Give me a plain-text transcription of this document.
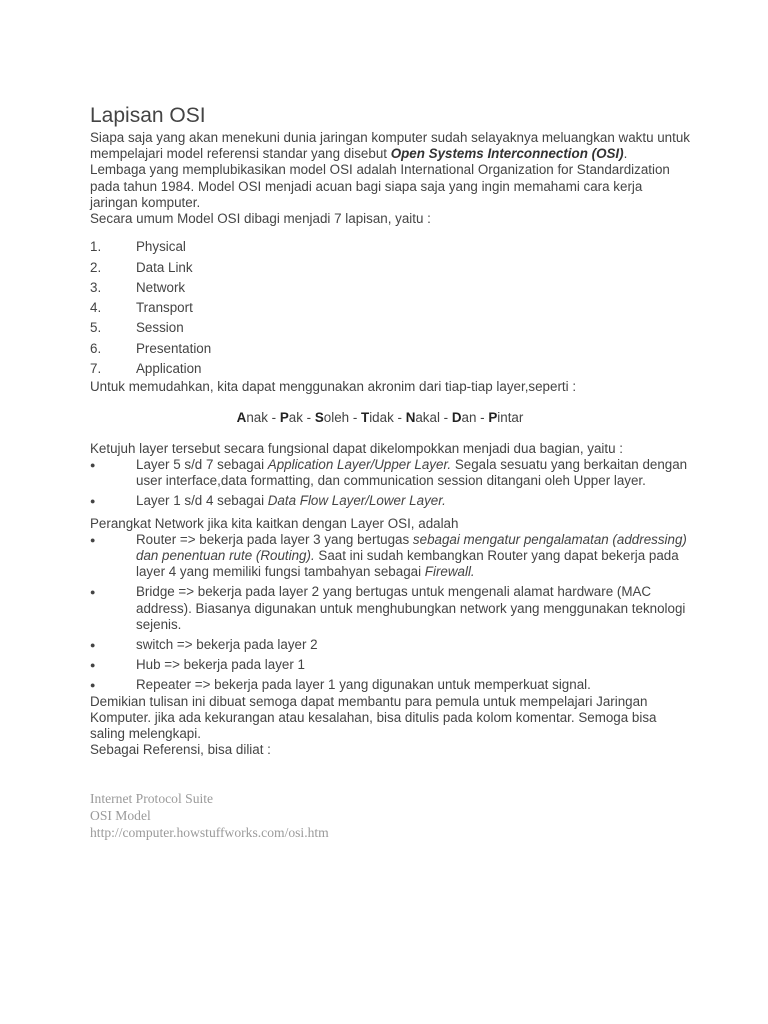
Lapisan OSI

Siapa saja yang akan menekuni dunia jaringan komputer sudah selayaknya meluangkan waktu untuk mempelajari model referensi standar yang disebut Open Systems Interconnection (OSI).

Lembaga yang memplubikasikan model OSI adalah International Organization for Standardization pada tahun 1984. Model OSI menjadi acuan bagi siapa saja yang ingin memahami cara kerja jaringan komputer.

Secara umum Model OSI dibagi menjadi 7 lapisan, yaitu :

1.	Physical
2.	Data Link
3.	Network
4.	Transport
5.	Session
6.	Presentation
7.	Application

Untuk memudahkan, kita dapat menggunakan akronim dari tiap-tiap layer,seperti :

Anak - Pak - Soleh - Tidak - Nakal - Dan - Pintar

Ketujuh layer tersebut secara fungsional dapat dikelompokkan menjadi dua bagian, yaitu :

●	Layer 5 s/d 7 sebagai Application Layer/Upper Layer. Segala sesuatu yang berkaitan dengan user interface,data formatting, dan communication session ditangani oleh Upper layer.
●	Layer 1 s/d 4 sebagai Data Flow Layer/Lower Layer.

Perangkat Network jika kita kaitkan dengan Layer OSI, adalah

●	Router => bekerja pada layer 3 yang bertugas sebagai mengatur pengalamatan (addressing) dan penentuan rute (Routing). Saat ini sudah kembangkan Router yang dapat bekerja pada layer 4 yang memiliki fungsi tambahyan sebagai Firewall.
●	Bridge => bekerja pada layer 2 yang bertugas untuk mengenali alamat hardware (MAC address). Biasanya digunakan untuk menghubungkan network yang menggunakan teknologi sejenis.
●	switch => bekerja pada layer 2
●	Hub => bekerja pada layer 1
●	Repeater => bekerja pada layer 1 yang digunakan untuk memperkuat signal.

Demikian tulisan ini dibuat semoga dapat membantu para pemula untuk mempelajari Jaringan Komputer. jika ada kekurangan atau kesalahan, bisa ditulis pada kolom komentar. Semoga bisa saling melengkapi.

Sebagai Referensi, bisa diliat :

Internet Protocol Suite
OSI Model
http://computer.howstuffworks.com/osi.htm
